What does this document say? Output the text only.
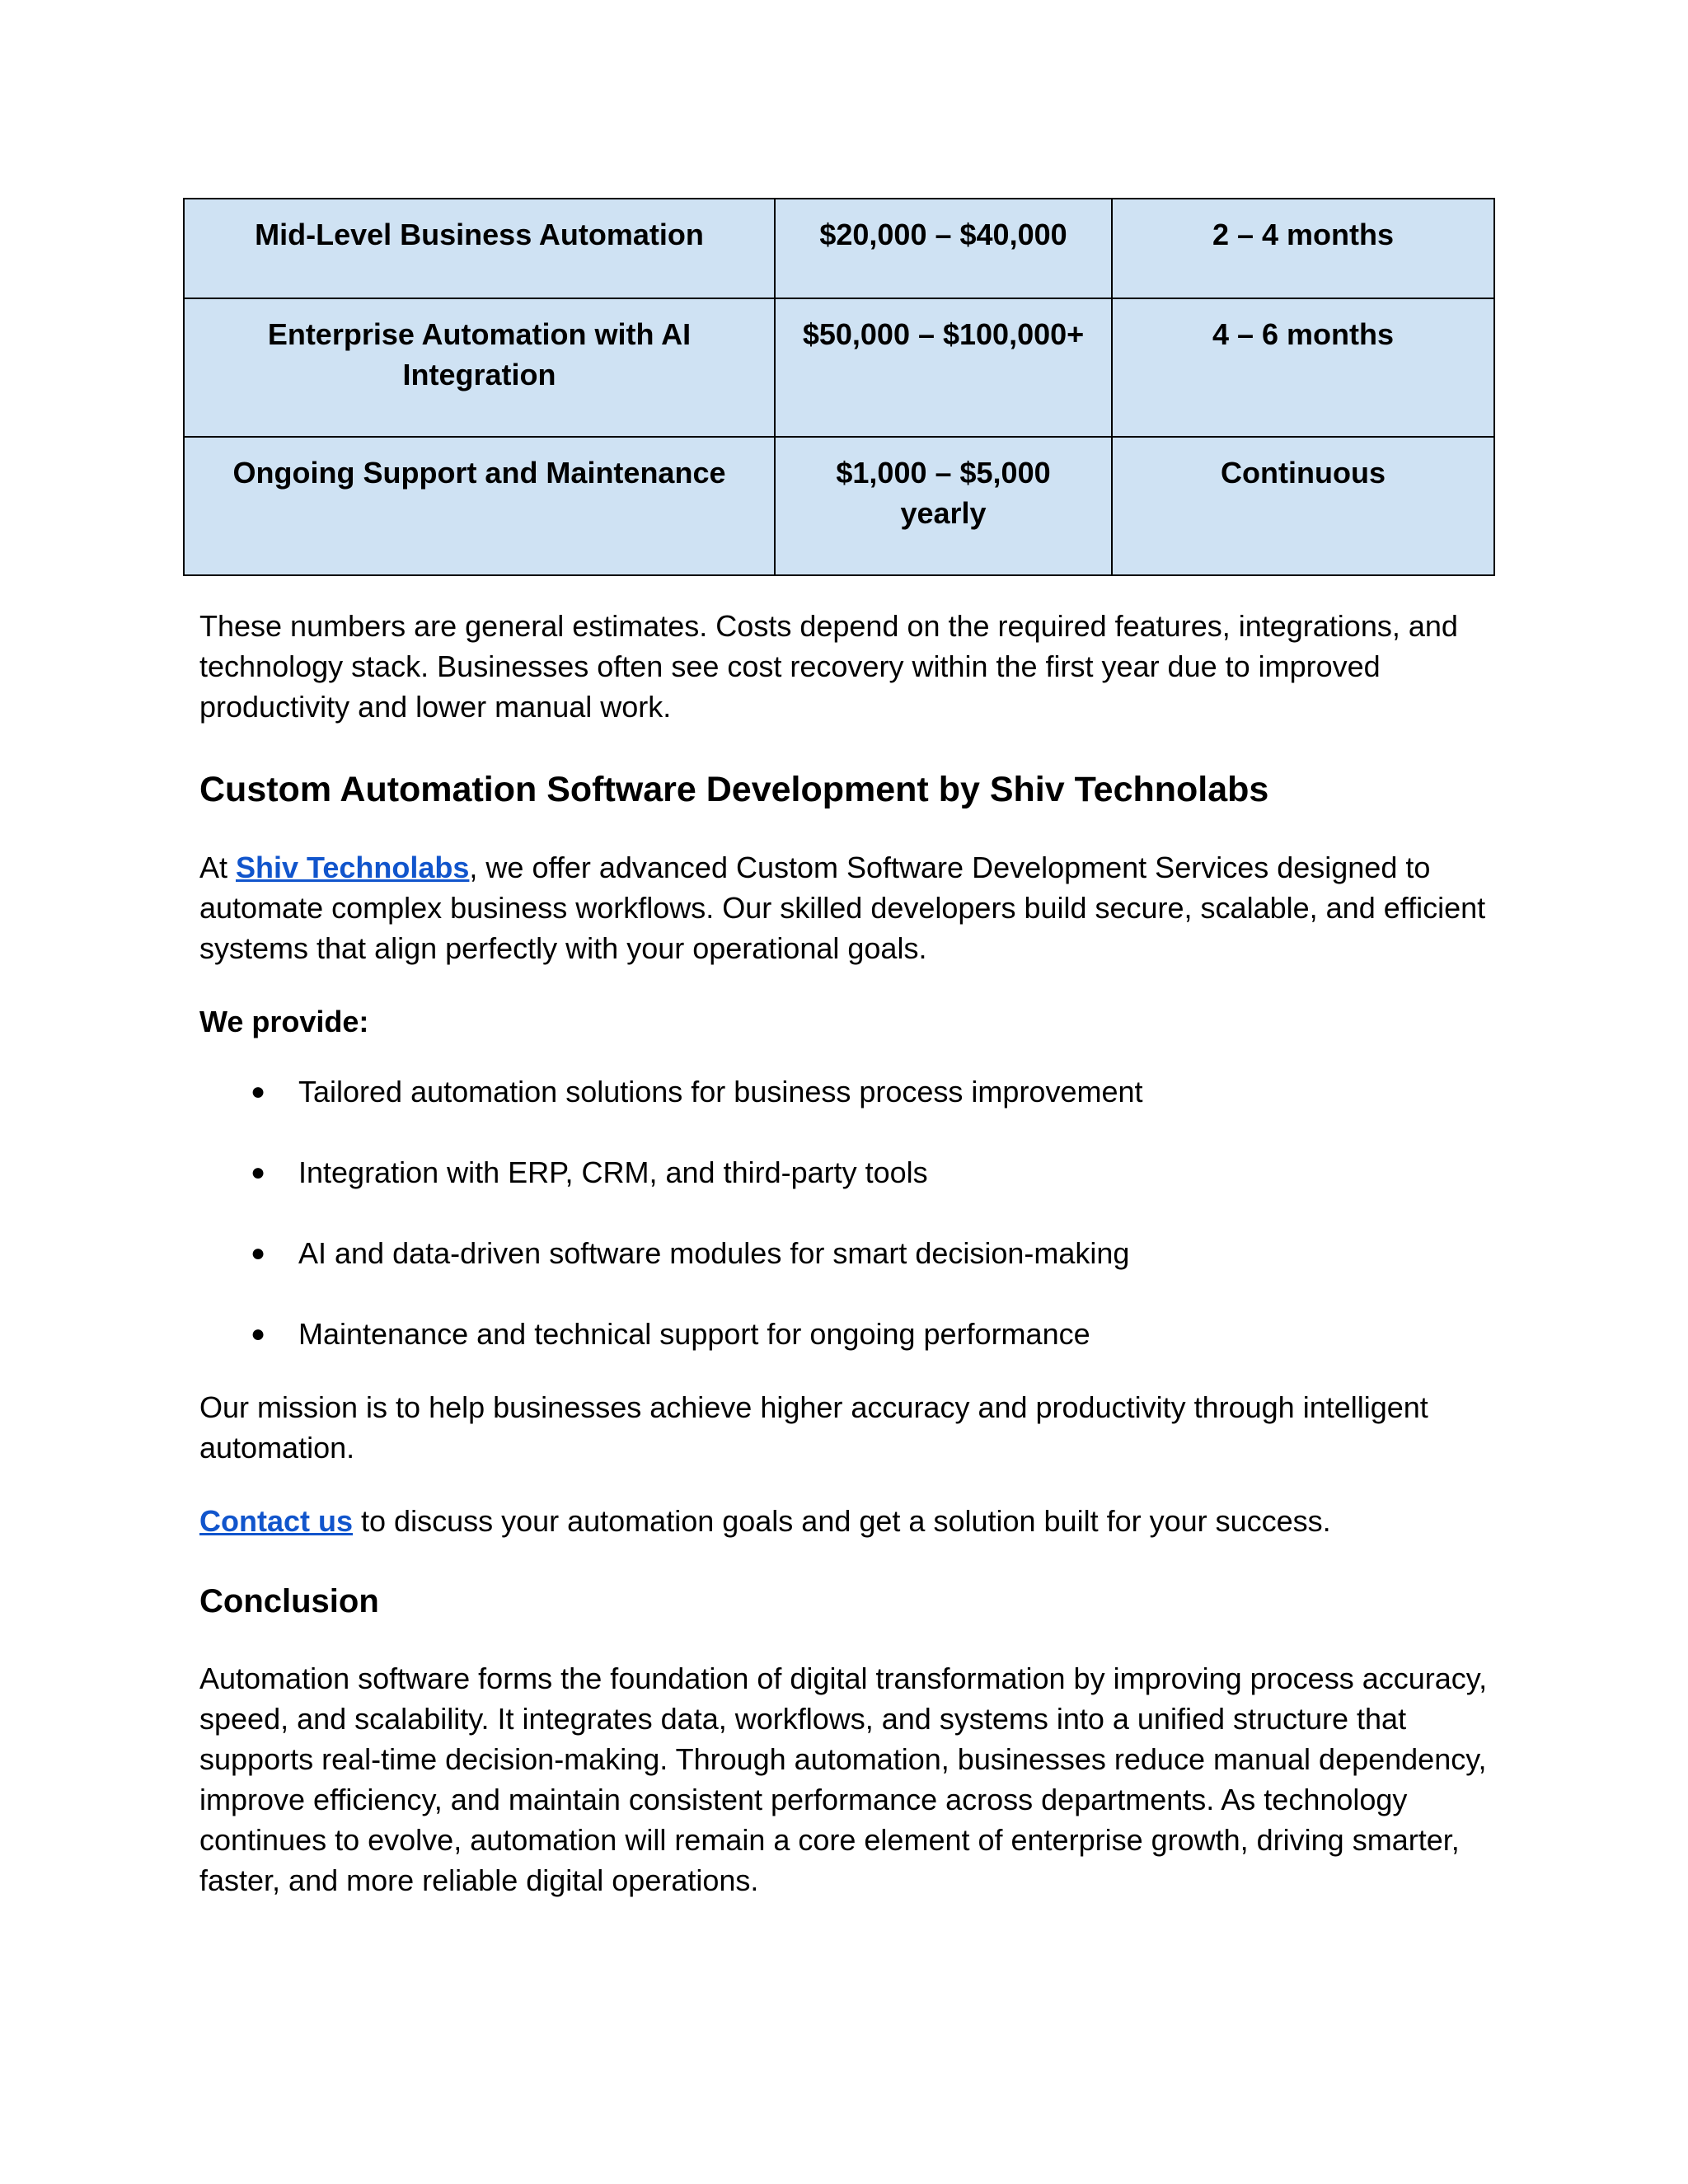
Mid-Level Business Automation	$20,000 – $40,000	2 – 4 months
Enterprise Automation with AI Integration	$50,000 – $100,000+	4 – 6 months
Ongoing Support and Maintenance	$1,000 – $5,000 yearly	Continuous

These numbers are general estimates. Costs depend on the required features, integrations, and technology stack. Businesses often see cost recovery within the first year due to improved productivity and lower manual work.

Custom Automation Software Development by Shiv Technolabs

At Shiv Technolabs, we offer advanced Custom Software Development Services designed to automate complex business workflows. Our skilled developers build secure, scalable, and efficient systems that align perfectly with your operational goals.

We provide:

● Tailored automation solutions for business process improvement
● Integration with ERP, CRM, and third-party tools
● AI and data-driven software modules for smart decision-making
● Maintenance and technical support for ongoing performance

Our mission is to help businesses achieve higher accuracy and productivity through intelligent automation.

Contact us to discuss your automation goals and get a solution built for your success.

Conclusion

Automation software forms the foundation of digital transformation by improving process accuracy, speed, and scalability. It integrates data, workflows, and systems into a unified structure that supports real-time decision-making. Through automation, businesses reduce manual dependency, improve efficiency, and maintain consistent performance across departments. As technology continues to evolve, automation will remain a core element of enterprise growth, driving smarter, faster, and more reliable digital operations.
